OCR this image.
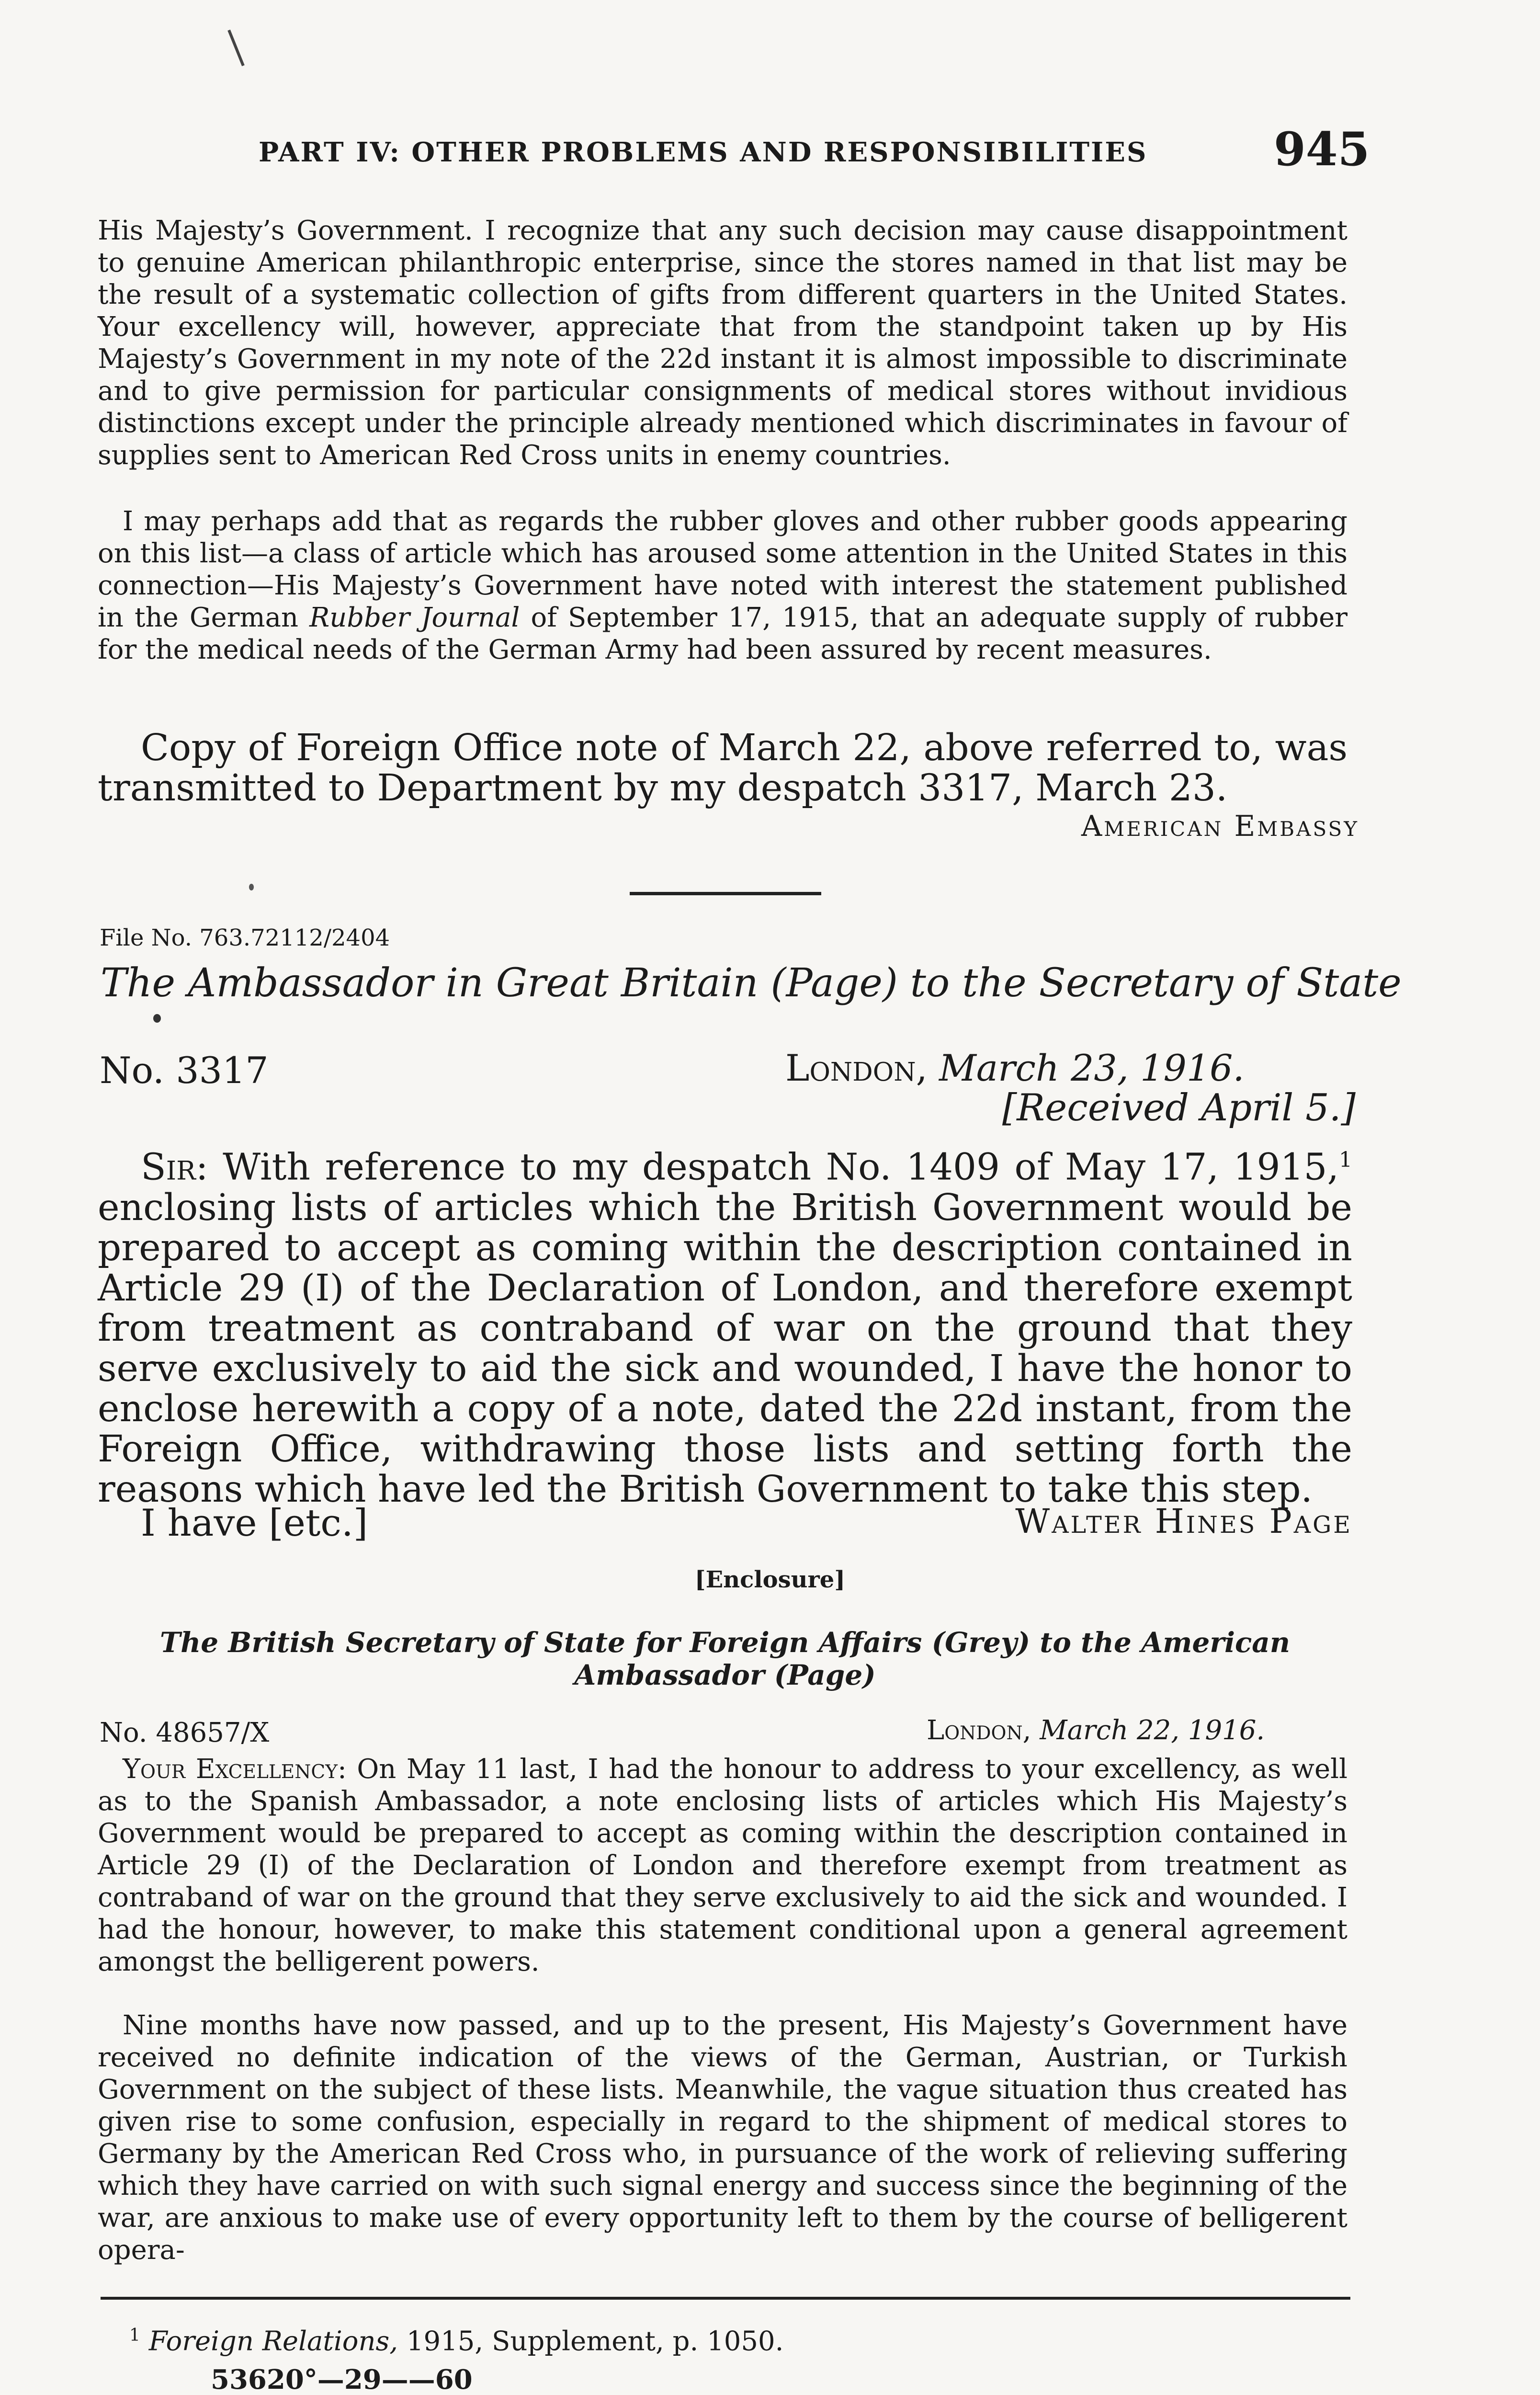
PART IV: OTHER PROBLEMS AND RESPONSIBILITIES	945

His Majesty’s Government. I recognize that any such decision may cause disappointment to genuine American philanthropic enterprise, since the stores named in that list may be the result of a systematic collection of gifts from different quarters in the United States. Your excellency will, however, appreciate that from the standpoint taken up by His Majesty’s Government in my note of the 22d instant it is almost impossible to discriminate and to give permission for particular consignments of medical stores without invidious distinctions except under the principle already mentioned which discriminates in favour of supplies sent to American Red Cross units in enemy countries.

I may perhaps add that as regards the rubber gloves and other rubber goods appearing on this list—a class of article which has aroused some attention in the United States in this connection—His Majesty’s Government have noted with interest the statement published in the German Rubber Journal of September 17, 1915, that an adequate supply of rubber for the medical needs of the German Army had been assured by recent measures.

Copy of Foreign Office note of March 22, above referred to, was transmitted to Department by my despatch 3317, March 23.

American Embassy
File No. 763.72112/2404
The Ambassador in Great Britain (Page) to the Secretary of State
No. 3317	London, March 23, 1916.
[Received April 5.]

Sir: With reference to my despatch No. 1409 of May 17, 1915,$^1$ enclosing lists of articles which the British Government would be prepared to accept as coming within the description contained in Article 29 (I) of the Declaration of London, and therefore exempt from treatment as contraband of war on the ground that they serve exclusively to aid the sick and wounded, I have the honor to enclose herewith a copy of a note, dated the 22d instant, from the Foreign Office, withdrawing those lists and setting forth the reasons which have led the British Government to take this step.

I have [etc.]	Walter Hines Page
[Enclosure]
The British Secretary of State for Foreign Affairs (Grey) to the American Ambassador (Page)
No. 48657/X	London, March 22, 1916.

Your Excellency: On May 11 last, I had the honour to address to your excellency, as well as to the Spanish Ambassador, a note enclosing lists of articles which His Majesty’s Government would be prepared to accept as coming within the description contained in Article 29 (I) of the Declaration of London and therefore exempt from treatment as contraband of war on the ground that they serve exclusively to aid the sick and wounded. I had the honour, however, to make this statement conditional upon a general agreement amongst the belligerent powers.

Nine months have now passed, and up to the present, His Majesty’s Government have received no definite indication of the views of the German, Austrian, or Turkish Government on the subject of these lists. Meanwhile, the vague situation thus created has given rise to some confusion, especially in regard to the shipment of medical stores to Germany by the American Red Cross who, in pursuance of the work of relieving suffering which they have carried on with such signal energy and success since the beginning of the war, are anxious to make use of every opportunity left to them by the course of belligerent opera-

$^1$ Foreign Relations, 1915, Supplement, p. 1050.
53620°—29——60
